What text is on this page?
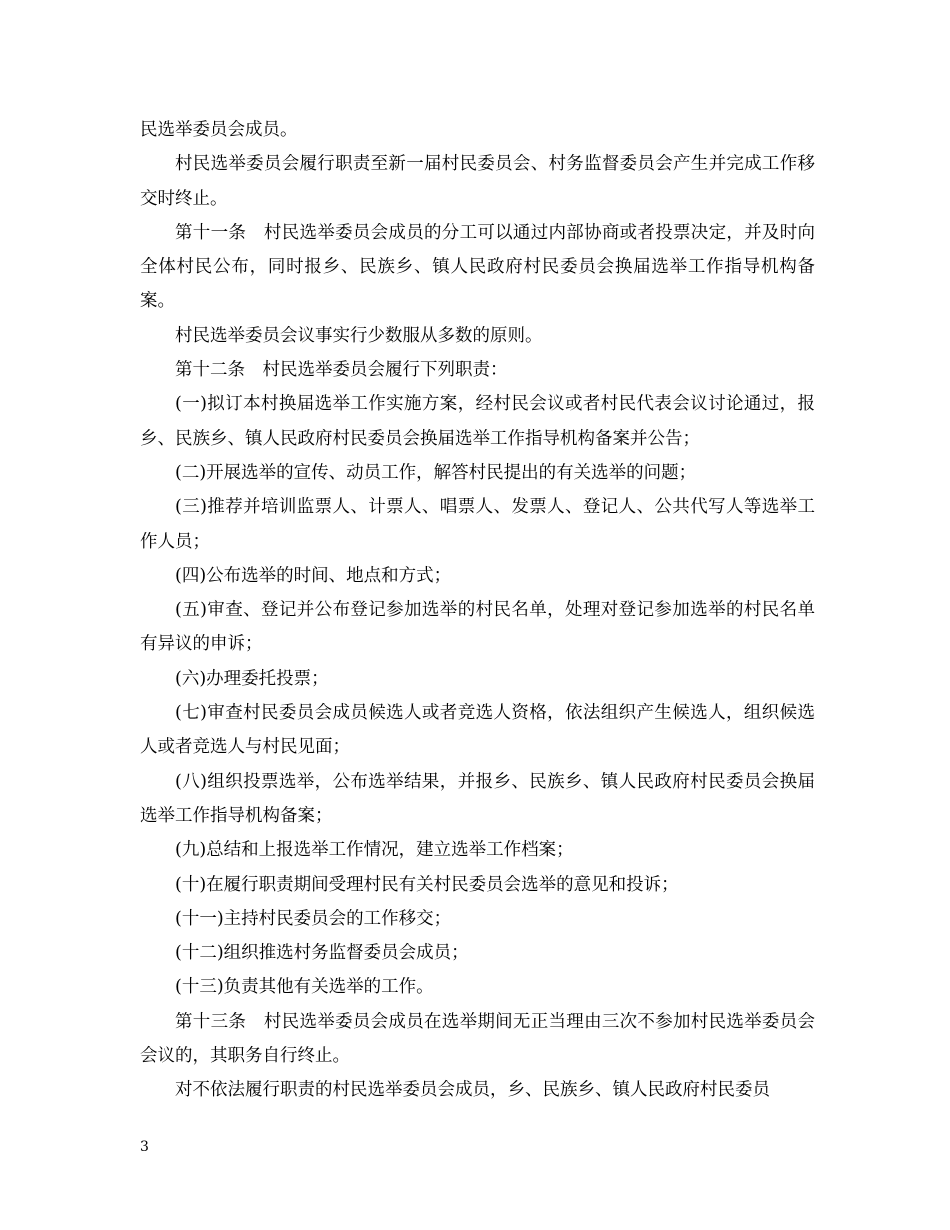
民选举委员会成员。

村民选举委员会履行职责至新一届村民委员会、村务监督委员会产生并完成工作移交时终止。

第十一条　村民选举委员会成员的分工可以通过内部协商或者投票决定，并及时向全体村民公布，同时报乡、民族乡、镇人民政府村民委员会换届选举工作指导机构备案。

村民选举委员会议事实行少数服从多数的原则。

第十二条　村民选举委员会履行下列职责：

(一)拟订本村换届选举工作实施方案，经村民会议或者村民代表会议讨论通过，报乡、民族乡、镇人民政府村民委员会换届选举工作指导机构备案并公告；

(二)开展选举的宣传、动员工作，解答村民提出的有关选举的问题；

(三)推荐并培训监票人、计票人、唱票人、发票人、登记人、公共代写人等选举工作人员；

(四)公布选举的时间、地点和方式；

(五)审查、登记并公布登记参加选举的村民名单，处理对登记参加选举的村民名单有异议的申诉；

(六)办理委托投票；

(七)审查村民委员会成员候选人或者竞选人资格，依法组织产生候选人，组织候选人或者竞选人与村民见面；

(八)组织投票选举，公布选举结果，并报乡、民族乡、镇人民政府村民委员会换届选举工作指导机构备案；

(九)总结和上报选举工作情况，建立选举工作档案；

(十)在履行职责期间受理村民有关村民委员会选举的意见和投诉；

(十一)主持村民委员会的工作移交；

(十二)组织推选村务监督委员会成员；

(十三)负责其他有关选举的工作。

第十三条　村民选举委员会成员在选举期间无正当理由三次不参加村民选举委员会会议的，其职务自行终止。

对不依法履行职责的村民选举委员会成员，乡、民族乡、镇人民政府村民委员

3
